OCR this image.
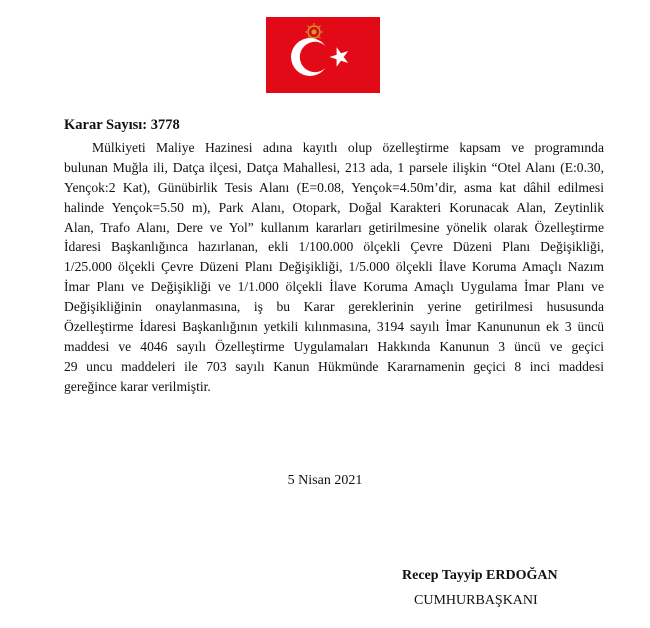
Karar Sayısı: 3778

Mülkiyeti Maliye Hazinesi adına kayıtlı olup özelleştirme kapsam ve programında
bulunan Muğla ili, Datça ilçesi, Datça Mahallesi, 213 ada, 1 parsele ilişkin “Otel Alanı (E:0.30,
Yençok:2 Kat), Günübirlik Tesis Alanı (E=0.08, Yençok=4.50m’dir, asma kat dâhil edilmesi
halinde Yençok=5.50 m), Park Alanı, Otopark, Doğal Karakteri Korunacak Alan, Zeytinlik
Alan, Trafo Alanı, Dere ve Yol” kullanım kararları getirilmesine yönelik olarak Özelleştirme
İdaresi Başkanlığınca hazırlanan, ekli 1/100.000 ölçekli Çevre Düzeni Planı Değişikliği,
1/25.000 ölçekli Çevre Düzeni Planı Değişikliği, 1/5.000 ölçekli İlave Koruma Amaçlı Nazım
İmar Planı ve Değişikliği ve 1/1.000 ölçekli İlave Koruma Amaçlı Uygulama İmar Planı ve
Değişikliğinin onaylanmasına, iş bu Karar gereklerinin yerine getirilmesi hususunda
Özelleştirme İdaresi Başkanlığının yetkili kılınmasına, 3194 sayılı İmar Kanununun ek 3 üncü
maddesi ve 4046 sayılı Özelleştirme Uygulamaları Hakkında Kanunun 3 üncü ve geçici
29 uncu maddeleri ile 703 sayılı Kanun Hükmünde Kararnamenin geçici 8 inci maddesi
gereğince karar verilmiştir.
5 Nisan 2021
Recep Tayyip ERDOĞAN
CUMHURBAŞKANI
